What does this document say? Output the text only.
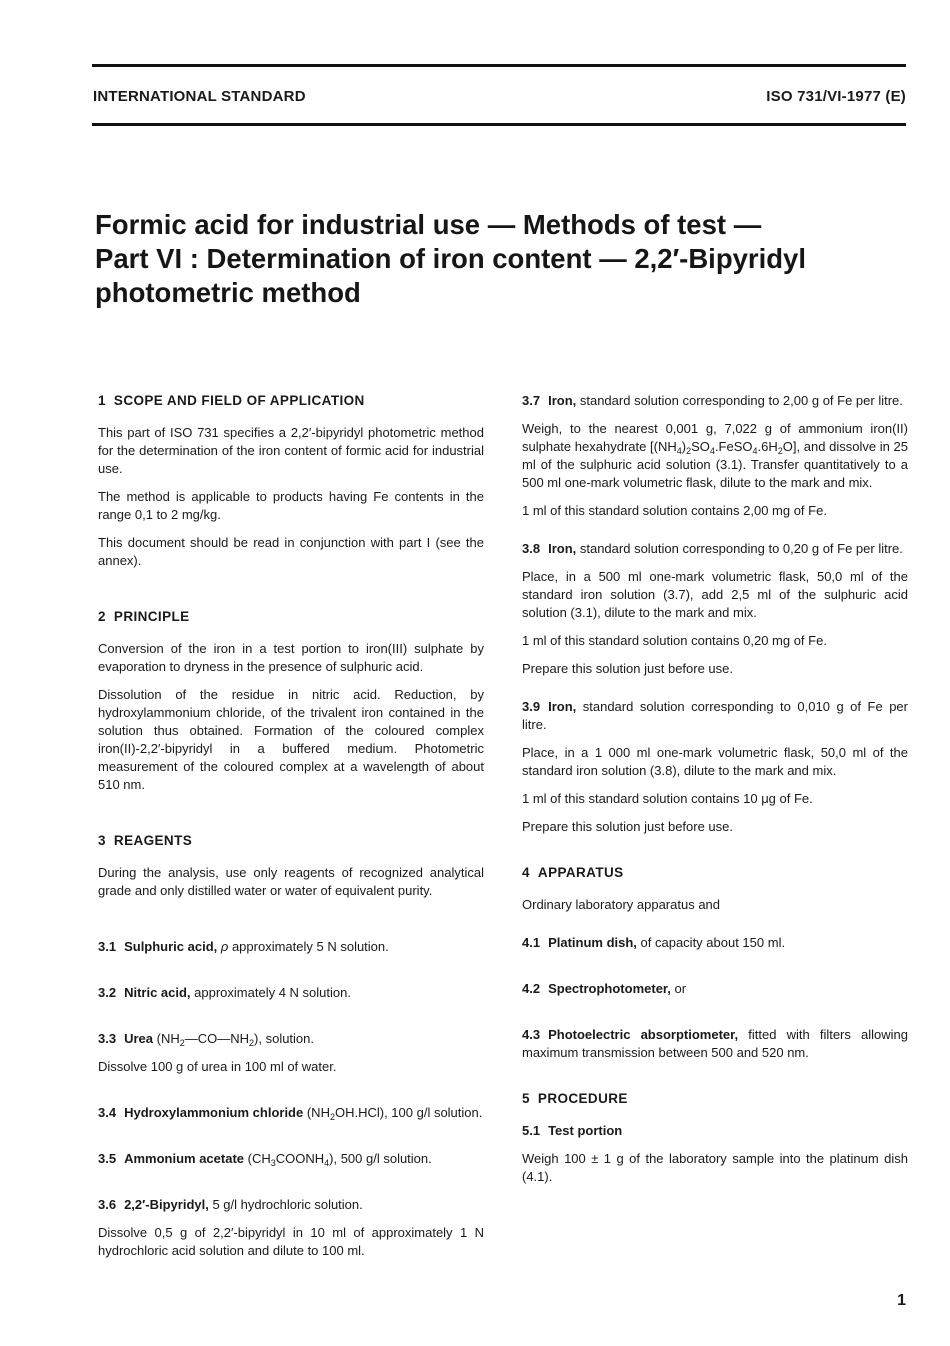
INTERNATIONAL STANDARD	ISO 731/VI-1977 (E)
Formic acid for industrial use — Methods of test —
Part VI : Determination of iron content — 2,2′-Bipyridyl
photometric method
1 SCOPE AND FIELD OF APPLICATION

This part of ISO 731 specifies a 2,2′-bipyridyl photometric method for the determination of the iron content of formic acid for industrial use.

The method is applicable to products having Fe contents in the range 0,1 to 2 mg/kg.

This document should be read in conjunction with part I (see the annex).

2 PRINCIPLE

Conversion of the iron in a test portion to iron(III) sulphate by evaporation to dryness in the presence of sulphuric acid.

Dissolution of the residue in nitric acid. Reduction, by hydroxylammonium chloride, of the trivalent iron contained in the solution thus obtained. Formation of the coloured complex iron(II)-2,2′-bipyridyl in a buffered medium. Photometric measurement of the coloured complex at a wavelength of about 510 nm.

3 REAGENTS

During the analysis, use only reagents of recognized analytical grade and only distilled water or water of equivalent purity.

3.1 Sulphuric acid, ρ approximately 5 N solution.
3.2 Nitric acid, approximately 4 N solution.
3.3 Urea $(NH_2—CO—NH_2)$, solution.

Dissolve 100 g of urea in 100 ml of water.

3.4 Hydroxylammonium chloride $(NH_2OH.HCl)$, 100 g/l solution.
3.5 Ammonium acetate $(CH_3COONH_4)$, 500 g/l solution.
3.6 2,2′-Bipyridyl, 5 g/l hydrochloric solution.

Dissolve 0,5 g of 2,2′-bipyridyl in 10 ml of approximately 1 N hydrochloric acid solution and dilute to 100 ml.

3.7 Iron, standard solution corresponding to 2,00 g of Fe per litre.

Weigh, to the nearest 0,001 g, 7,022 g of ammonium iron(II) sulphate hexahydrate $[(NH_4)_2SO_4.FeSO_4.6H_2O]$, and dissolve in 25 ml of the sulphuric acid solution (3.1). Transfer quantitatively to a 500 ml one-mark volumetric flask, dilute to the mark and mix.

1 ml of this standard solution contains 2,00 mg of Fe.

3.8 Iron, standard solution corresponding to 0,20 g of Fe per litre.

Place, in a 500 ml one-mark volumetric flask, 50,0 ml of the standard iron solution (3.7), add 2,5 ml of the sulphuric acid solution (3.1), dilute to the mark and mix.

1 ml of this standard solution contains 0,20 mg of Fe.

Prepare this solution just before use.

3.9 Iron, standard solution corresponding to 0,010 g of Fe per litre.

Place, in a 1 000 ml one-mark volumetric flask, 50,0 ml of the standard iron solution (3.8), dilute to the mark and mix.

1 ml of this standard solution contains 10 μg of Fe.

Prepare this solution just before use.

4 APPARATUS

Ordinary laboratory apparatus and

4.1 Platinum dish, of capacity about 150 ml.
4.2 Spectrophotometer, or
4.3 Photoelectric absorptiometer, fitted with filters allowing maximum transmission between 500 and 520 nm.
5 PROCEDURE
5.1 Test portion

Weigh 100 ± 1 g of the laboratory sample into the platinum dish (4.1).

1
